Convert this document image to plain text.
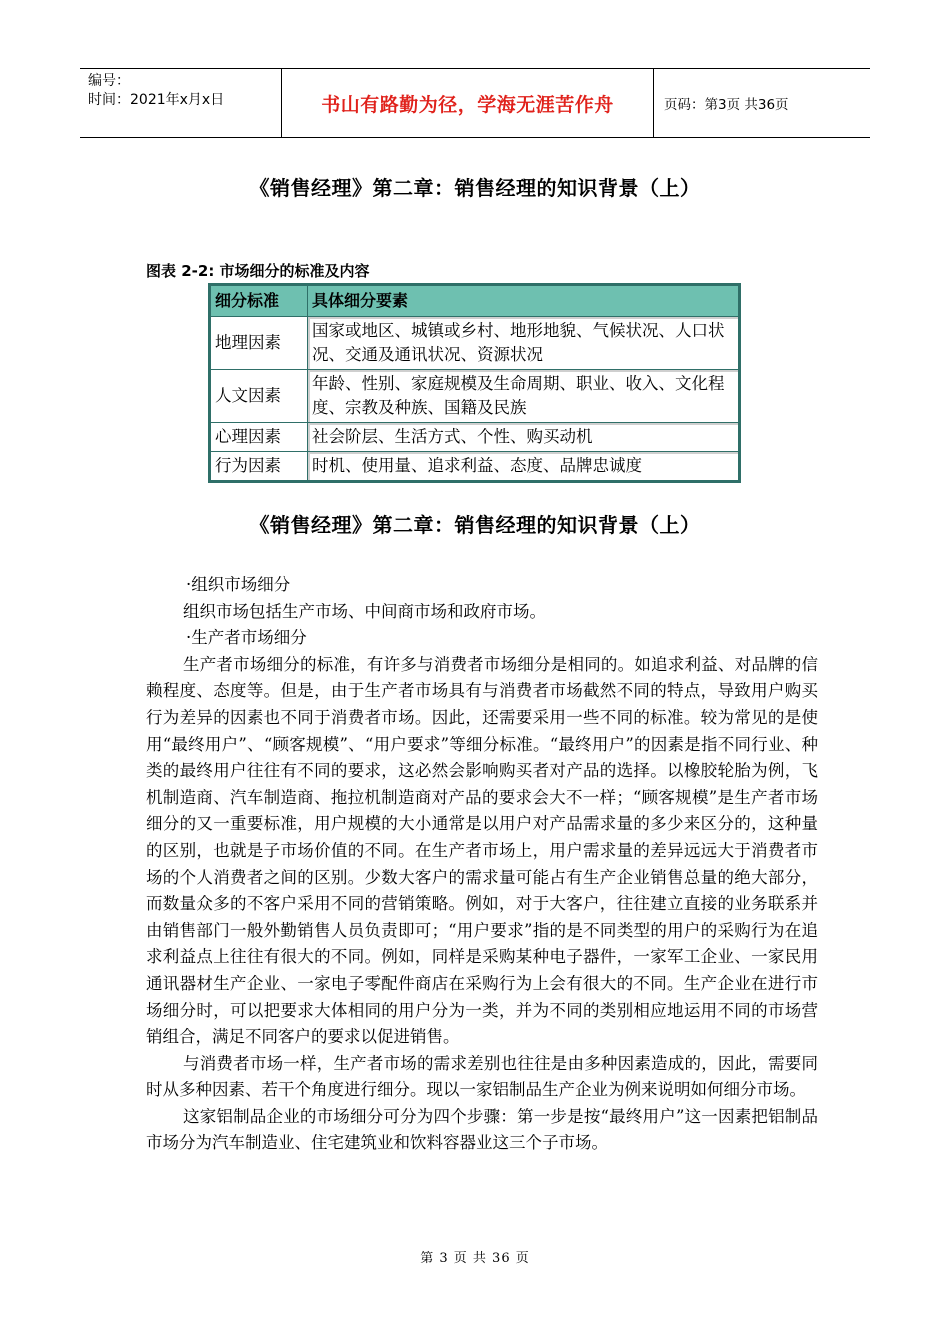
编号：
时间：2021年x月x日	书山有路勤为径，学海无涯苦作舟	页码：第3页 共36页
《销售经理》第二章：销售经理的知识背景（上）
图表 2-2: 市场细分的标准及内容
细分标准	具体细分要素
地理因素	国家或地区、城镇或乡村、地形地貌、气候状况、人口状况、交通及通讯状况、资源状况
人文因素	年龄、性别、家庭规模及生命周期、职业、收入、文化程度、宗教及种族、国籍及民族
心理因素	社会阶层、生活方式、个性、购买动机
行为因素	时机、使用量、追求利益、态度、品牌忠诚度
《销售经理》第二章：销售经理的知识背景（上）

·组织市场细分

组织市场包括生产市场、中间商市场和政府市场。

·生产者市场细分

生产者市场细分的标准，有许多与消费者市场细分是相同的。如追求利益、对品牌的信赖程度、态度等。但是，由于生产者市场具有与消费者市场截然不同的特点，导致用户购买行为差异的因素也不同于消费者市场。因此，还需要采用一些不同的标准。较为常见的是使用“最终用户”、“顾客规模”、“用户要求”等细分标准。“最终用户”的因素是指不同行业、种类的最终用户往往有不同的要求，这必然会影响购买者对产品的选择。以橡胶轮胎为例，飞机制造商、汽车制造商、拖拉机制造商对产品的要求会大不一样；“顾客规模”是生产者市场细分的又一重要标准，用户规模的大小通常是以用户对产品需求量的多少来区分的，这种量的区别，也就是子市场价值的不同。在生产者市场上，用户需求量的差异远远大于消费者市场的个人消费者之间的区别。少数大客户的需求量可能占有生产企业销售总量的绝大部分，而数量众多的不客户采用不同的营销策略。例如，对于大客户，往往建立直接的业务联系并由销售部门一般外勤销售人员负责即可；“用户要求”指的是不同类型的用户的采购行为在追求利益点上往往有很大的不同。例如，同样是采购某种电子器件，一家军工企业、一家民用通讯器材生产企业、一家电子零配件商店在采购行为上会有很大的不同。生产企业在进行市场细分时，可以把要求大体相同的用户分为一类，并为不同的类别相应地运用不同的市场营销组合，满足不同客户的要求以促进销售。

与消费者市场一样，生产者市场的需求差别也往往是由多种因素造成的，因此，需要同时从多种因素、若干个角度进行细分。现以一家铝制品生产企业为例来说明如何细分市场。

这家铝制品企业的市场细分可分为四个步骤：第一步是按“最终用户”这一因素把铝制品市场分为汽车制造业、住宅建筑业和饮料容器业这三个子市场。

第 3 页 共 36 页
